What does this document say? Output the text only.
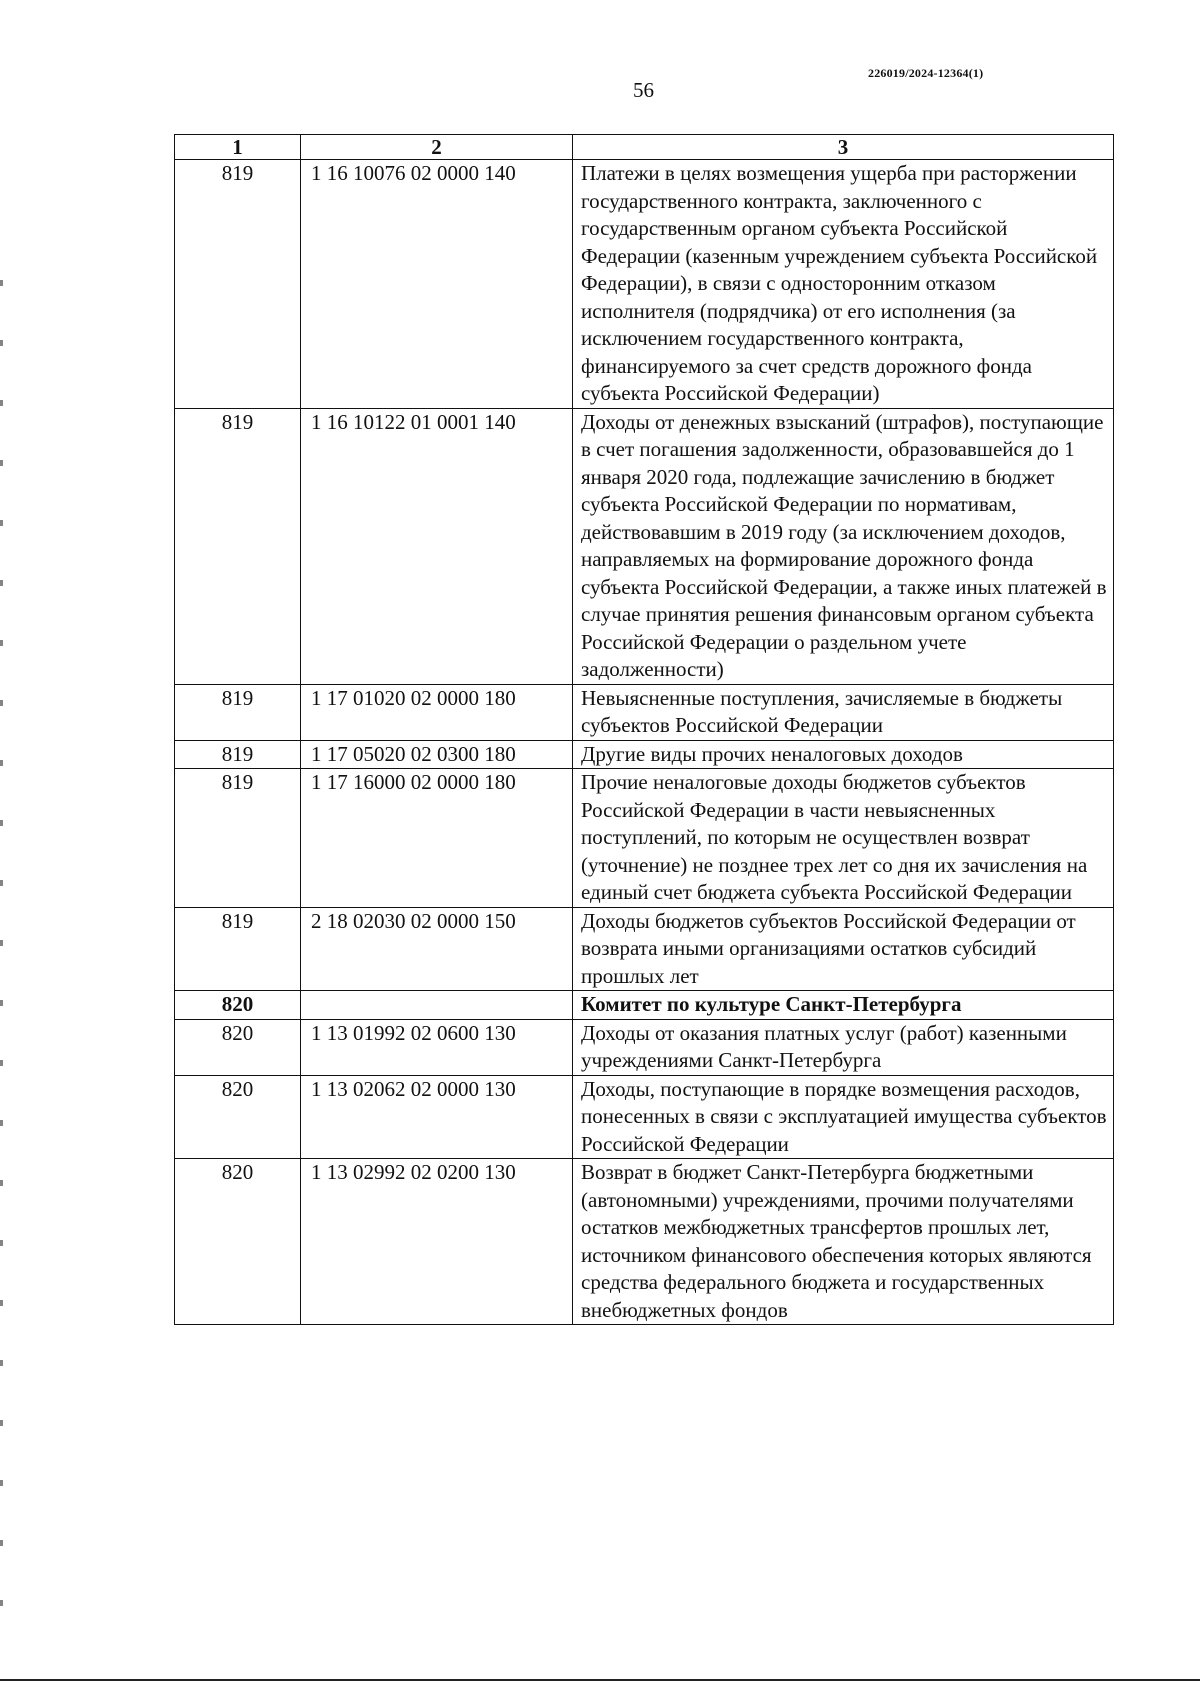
226019/2024-12364(1)
56
1	2	3
819	1 16 10076 02 0000 140	Платежи в целях возмещения ущерба при расторжении государственного контракта, заключенного с государственным органом субъекта Российской Федерации (казенным учреждением субъекта Российской Федерации), в связи с односторонним отказом исполнителя (подрядчика) от его исполнения (за исключением государственного контракта, финансируемого за счет средств дорожного фонда субъекта Российской Федерации)
819	1 16 10122 01 0001 140	Доходы от денежных взысканий (штрафов), поступающие в счет погашения задолженности, образовавшейся до 1 января 2020 года, подлежащие зачислению в бюджет субъекта Российской Федерации по нормативам, действовавшим в 2019 году (за исключением доходов, направляемых на формирование дорожного фонда субъекта Российской Федерации, а также иных платежей в случае принятия решения финансовым органом субъекта Российской Федерации о раздельном учете задолженности)
819	1 17 01020 02 0000 180	Невыясненные поступления, зачисляемые в бюджеты субъектов Российской Федерации
819	1 17 05020 02 0300 180	Другие виды прочих неналоговых доходов
819	1 17 16000 02 0000 180	Прочие неналоговые доходы бюджетов субъектов Российской Федерации в части невыясненных поступлений, по которым не осуществлен возврат (уточнение) не позднее трех лет со дня их зачисления на единый счет бюджета субъекта Российской Федерации
819	2 18 02030 02 0000 150	Доходы бюджетов субъектов Российской Федерации от возврата иными организациями остатков субсидий прошлых лет
820		Комитет по культуре Санкт-Петербурга
820	1 13 01992 02 0600 130	Доходы от оказания платных услуг (работ) казенными учреждениями Санкт-Петербурга
820	1 13 02062 02 0000 130	Доходы, поступающие в порядке возмещения расходов, понесенных в связи с эксплуатацией имущества субъектов Российской Федерации
820	1 13 02992 02 0200 130	Возврат в бюджет Санкт-Петербурга бюджетными (автономными) учреждениями, прочими получателями остатков межбюджетных трансфертов прошлых лет, источником финансового обеспечения которых являются средства федерального бюджета и государственных внебюджетных фондов
